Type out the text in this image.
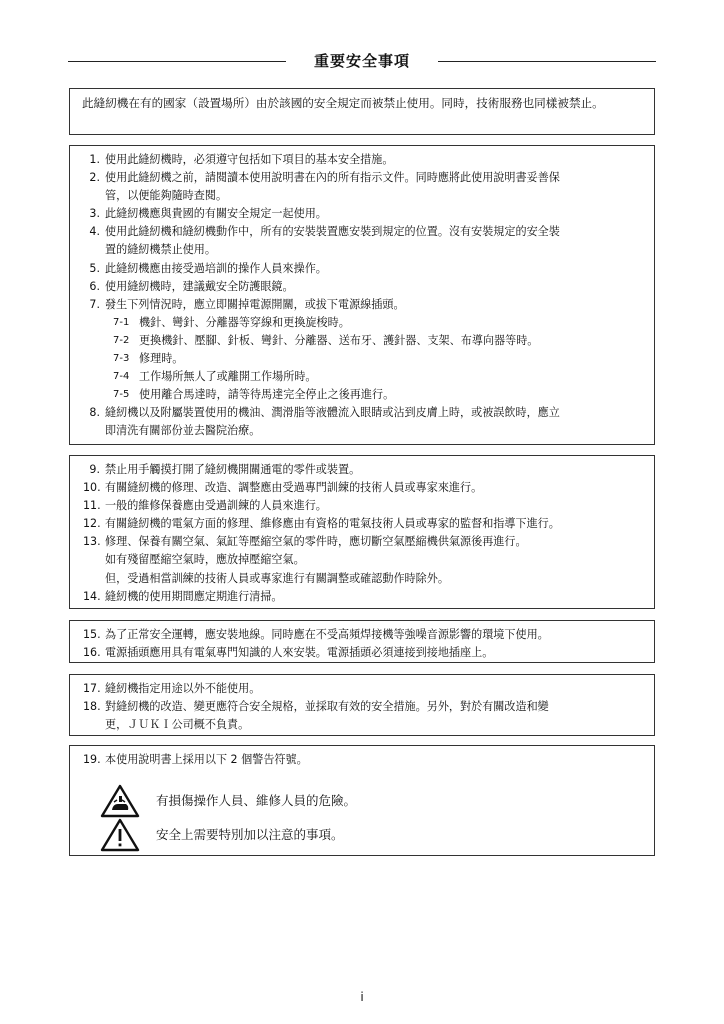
重要安全事項
此縫紉機在有的國家（設置場所）由於該國的安全規定而被禁止使用。同時，技術服務也同樣被禁止。
1. 使用此縫紉機時，必須遵守包括如下項目的基本安全措施。
2. 使用此縫紉機之前，請閱讀本使用說明書在內的所有指示文件。同時應將此使用說明書妥善保
管，以便能夠隨時查閱。
3. 此縫紉機應與貴國的有關安全規定一起使用。
4. 使用此縫紉機和縫紉機動作中，所有的安裝裝置應安裝到規定的位置。沒有安裝規定的安全裝
置的縫紉機禁止使用。
5. 此縫紉機應由接受過培訓的操作人員來操作。
6. 使用縫紉機時，建議戴安全防護眼鏡。
7. 發生下列情況時，應立即關掉電源開關，或拔下電源線插頭。
7-1 機針、彎針、分離器等穿線和更換旋梭時。
7-2 更換機針、壓腳、針板、彎針、分離器、送布牙、護針器、支架、布導向器等時。
7-3 修理時。
7-4 工作場所無人了或離開工作場所時。
7-5 使用離合馬達時，請等待馬達完全停止之後再進行。
8. 縫紉機以及附屬裝置使用的機油、潤滑脂等液體流入眼睛或沾到皮膚上時，或被誤飲時，應立
即清洗有關部份並去醫院治療。
9. 禁止用手觸摸打開了縫紉機開關通電的零件或裝置。
10. 有關縫紉機的修理、改造、調整應由受過專門訓練的技術人員或專家來進行。
11. 一般的維修保養應由受過訓練的人員來進行。
12. 有關縫紉機的電氣方面的修理、維修應由有資格的電氣技術人員或專家的監督和指導下進行。
13. 修理、保養有關空氣、氣缸等壓縮空氣的零件時，應切斷空氣壓縮機供氣源後再進行。
如有殘留壓縮空氣時，應放掉壓縮空氣。
但，受過相當訓練的技術人員或專家進行有關調整或確認動作時除外。
14. 縫紉機的使用期間應定期進行清掃。
15. 為了正常安全運轉，應安裝地線。同時應在不受高頻焊接機等強噪音源影響的環境下使用。
16. 電源插頭應用具有電氣專門知識的人來安裝。電源插頭必須連接到接地插座上。
17. 縫紉機指定用途以外不能使用。
18. 對縫紉機的改造、變更應符合安全規格，並採取有效的安全措施。另外，對於有關改造和變
更，ＪＵＫＩ公司概不負責。
19. 本使用說明書上採用以下 2 個警告符號。
有損傷操作人員、維修人員的危險。
安全上需要特別加以注意的事項。
i
